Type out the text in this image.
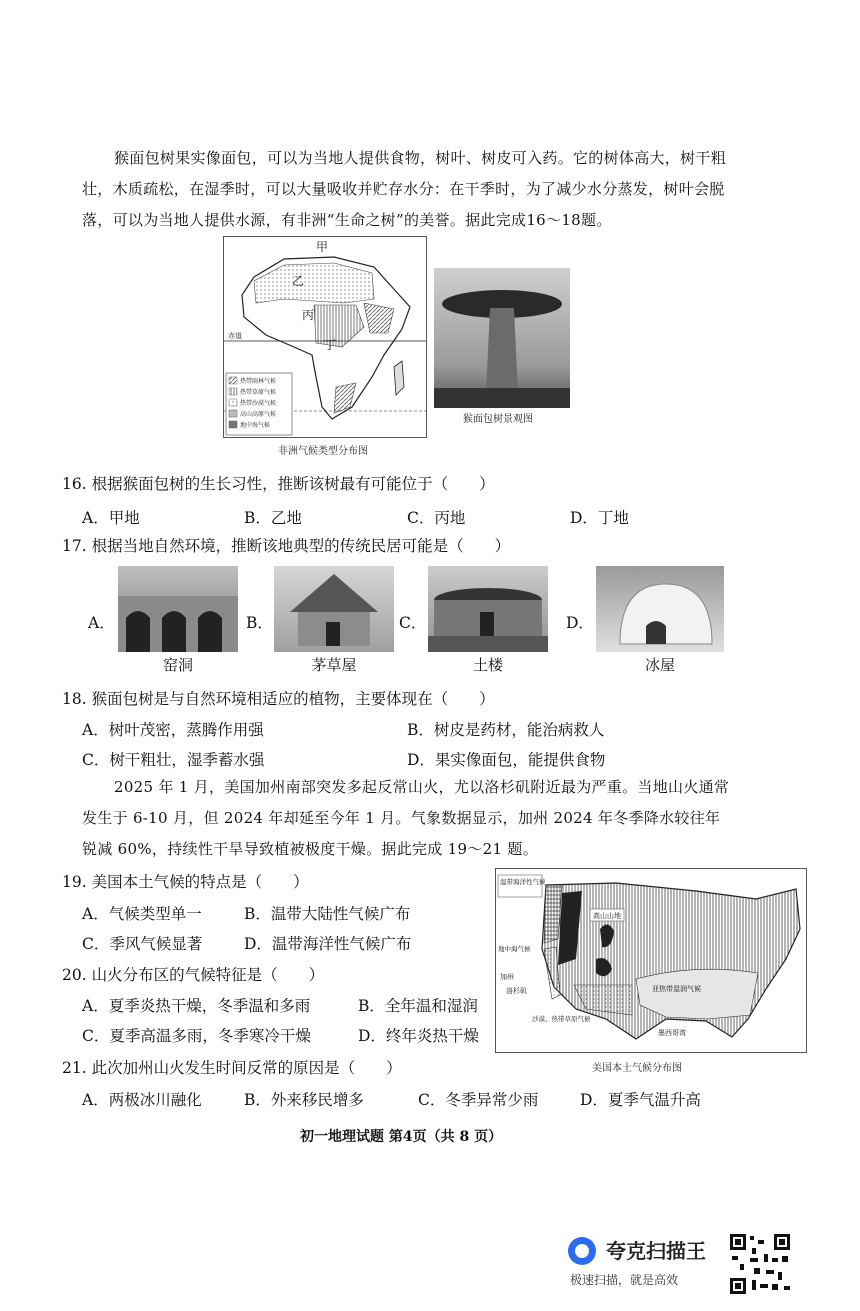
猴面包树果实像面包，可以为当地人提供食物，树叶、树皮可入药。它的树体高大，树干粗壮，木质疏松，在湿季时，可以大量吸收并贮存水分：在干季时，为了减少水分蒸发，树叶会脱落，可以为当地人提供水源，有非洲“生命之树”的美誉。据此完成16～18题。
甲
乙
丙
丁
赤道
热带雨林气候
热带草原气候
热带沙漠气候
高山高原气候
地中海气候
非洲气候类型分布图
猴面包树景观图
16. 根据猴面包树的生长习性，推断该树最有可能位于（　　）
A．甲地	B．乙地	C．丙地	D．丁地
17. 根据当地自然环境，推断该地典型的传统民居可能是（　　）
A．
窑洞
B．
茅草屋
C．
土楼
D．
冰屋
18. 猴面包树是与自然环境相适应的植物，主要体现在（　　）
A．树叶茂密，蒸腾作用强	B．树皮是药材，能治病救人
C．树干粗壮，湿季蓄水强	D．果实像面包，能提供食物
2025 年 1 月，美国加州南部突发多起反常山火，尤以洛杉矶附近最为严重。当地山火通常发生于 6-10 月，但 2024 年却延至今年 1 月。气象数据显示，加州 2024 年冬季降水较往年锐减 60%，持续性干旱导致植被极度干燥。据此完成 19～21 题。
19. 美国本土气候的特点是（　　）
A．气候类型单一	B．温带大陆性气候广布
C．季风气候显著	D．温带海洋性气候广布
20. 山火分布区的气候特征是（　　）
A．夏季炎热干燥，冬季温和多雨	B．全年温和湿润
C．夏季高温多雨，冬季寒冷干燥	D．终年炎热干燥
温带海洋性气候
高山山地
地中海气候
加州
洛杉矶	亚热带湿润气候
沙漠、热带草原气候
墨西哥湾
美国本土气候分布图
21. 此次加州山火发生时间反常的原因是（　　）
A．两极冰川融化	B．外来移民增多	C．冬季异常少雨	D．夏季气温升高
初一地理试题 第4页（共 8 页）
夸克扫描王
极速扫描，就是高效
